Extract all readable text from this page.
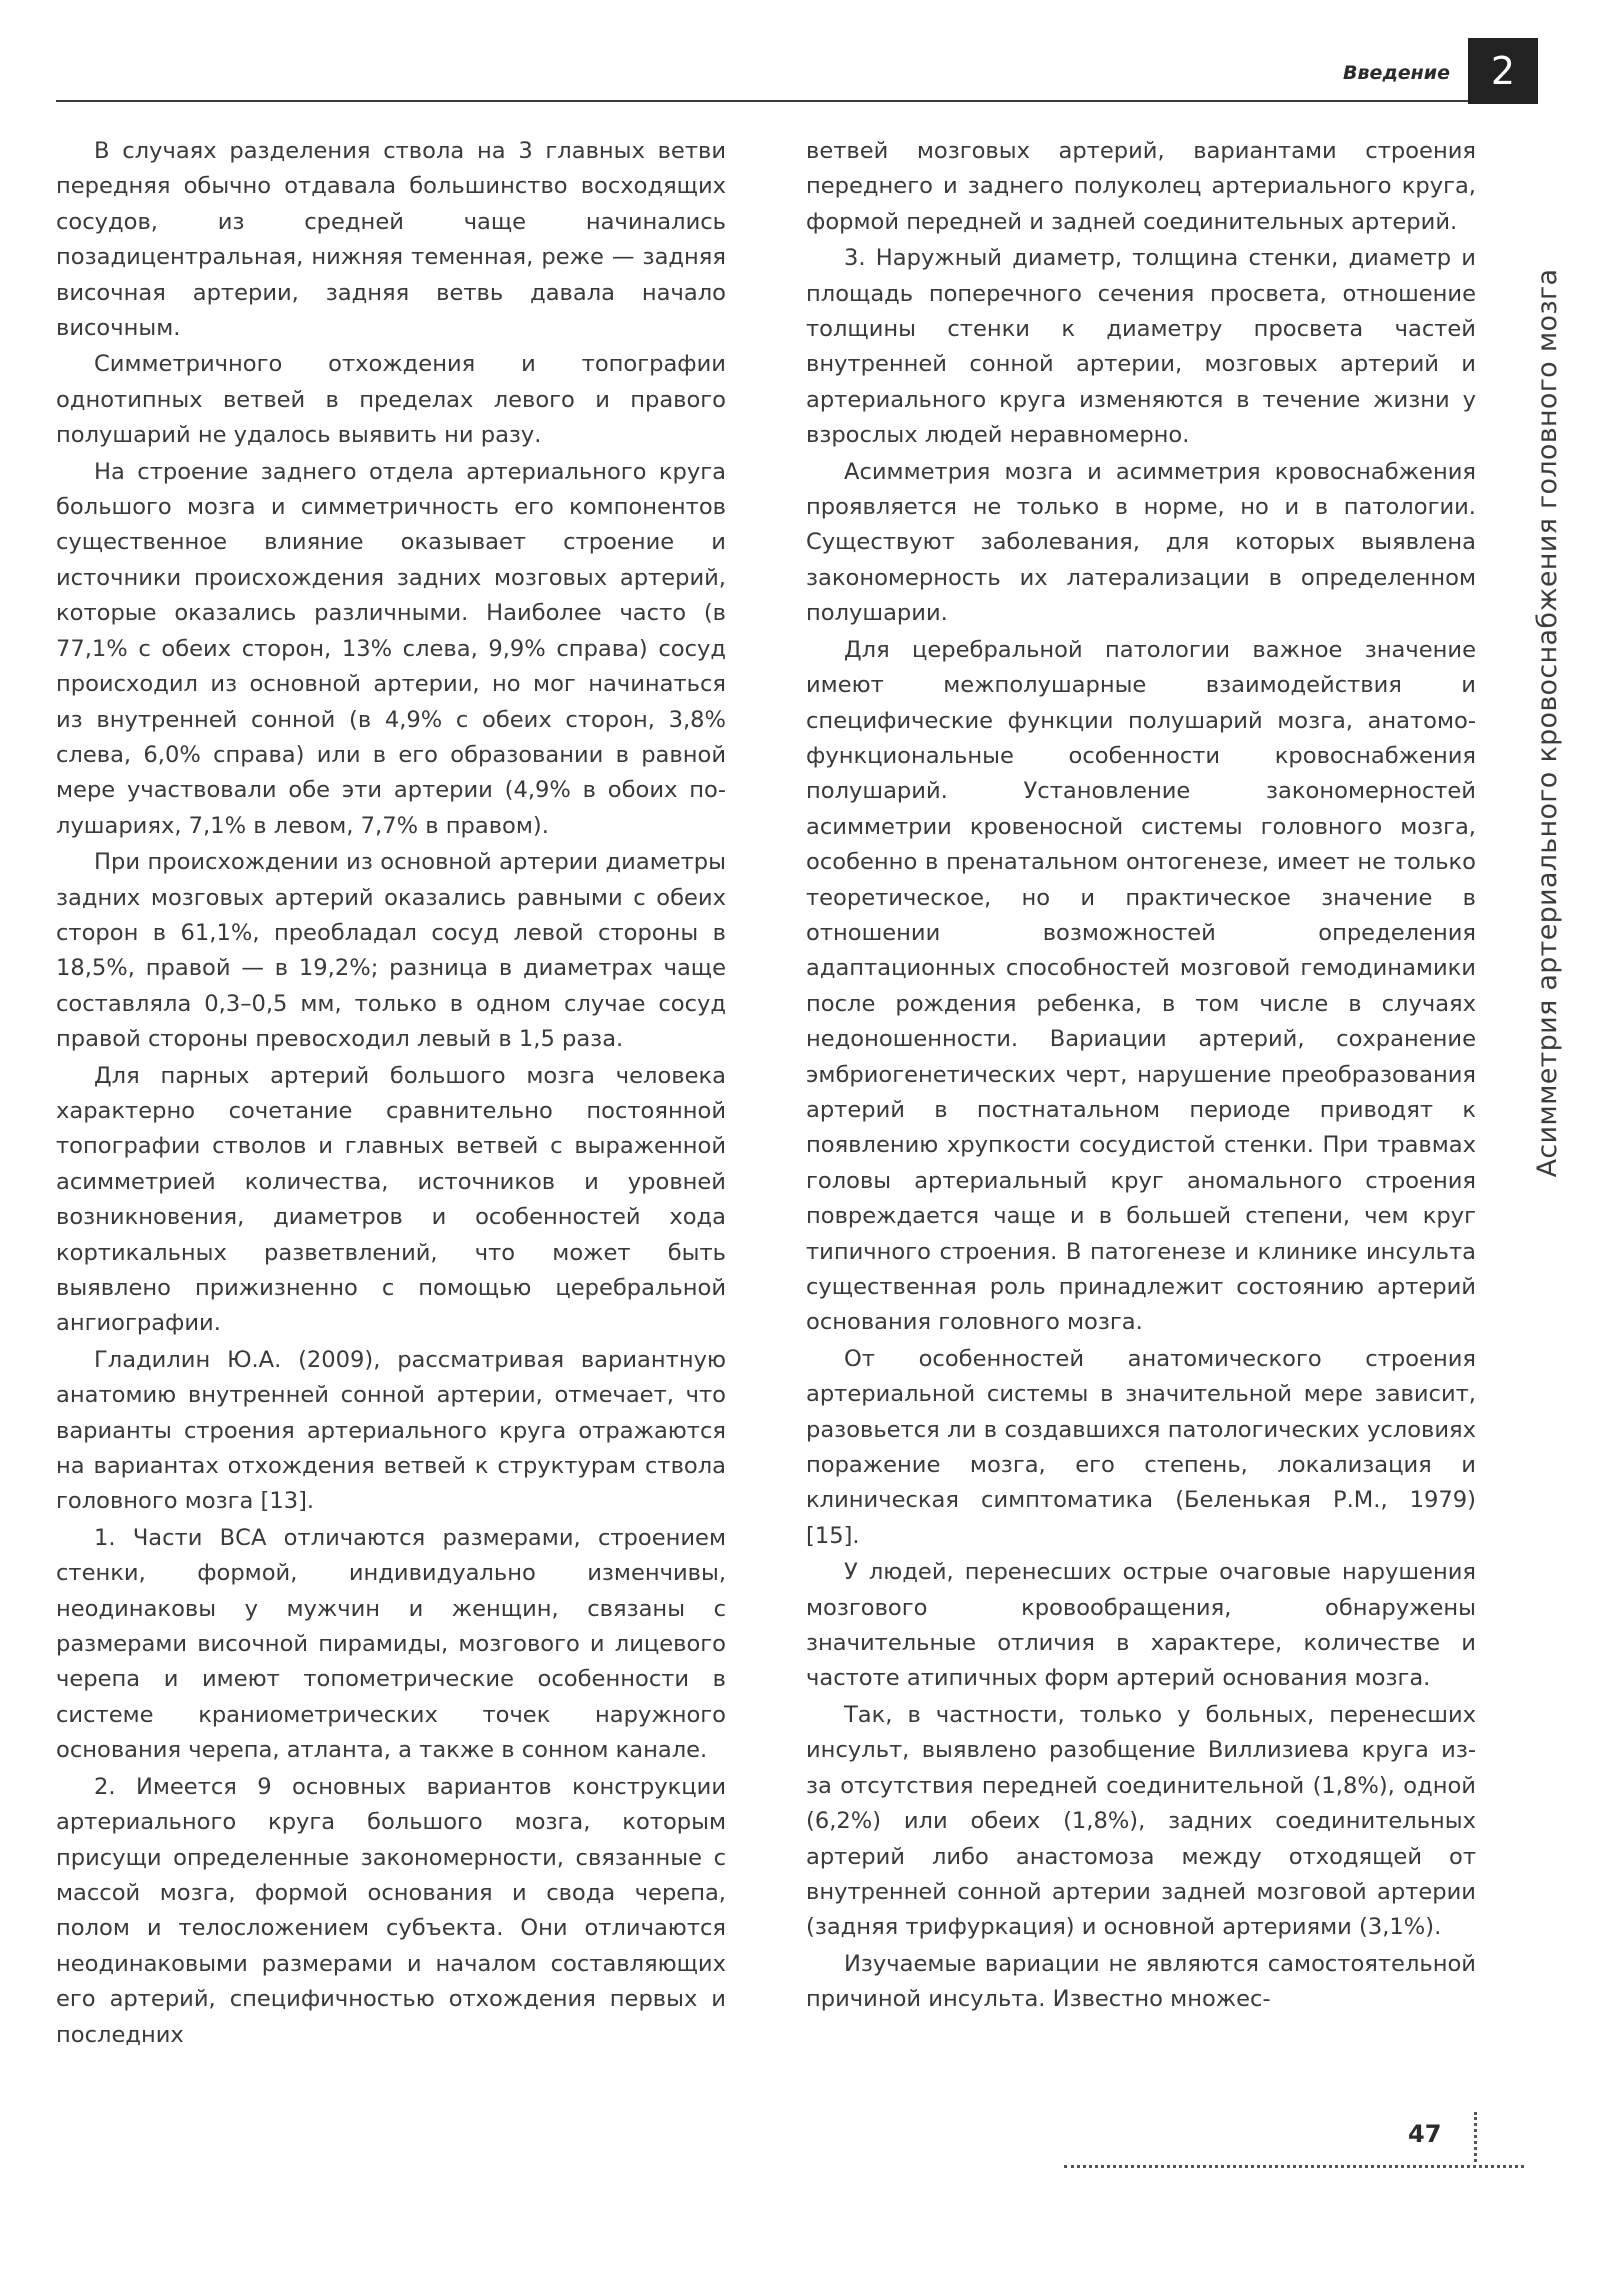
2
Введение
Асимметрия артериального кровоснабжения головного мозга

В случаях разделения ствола на 3 главных ветви передняя обычно отдавала большинство восходящих сосудов, из средней чаще начинались позадицентральная, нижняя теменная, реже — задняя височная артерии, задняя ветвь давала начало височным.

Симметричного отхождения и топографии однотипных ветвей в пределах левого и правого полушарий не удалось выявить ни разу.

На строение заднего отдела артериального круга большого мозга и симметричность его компонентов существенное влияние оказывает строение и источники происхождения задних мозговых артерий, которые оказались различными. Наиболее часто (в 77,1% с обеих сторон, 13% слева, 9,9% справа) сосуд происходил из основной артерии, но мог начинаться из внутренней сонной (в 4,9% с обеих сторон, 3,8% слева, 6,0% справа) или в его образовании в равной мере участвовали обе эти артерии (4,9% в обоих полушариях, 7,1% в левом, 7,7% в правом).

При происхождении из основной артерии диаметры задних мозговых артерий оказались равными с обеих сторон в 61,1%, преобладал сосуд левой стороны в 18,5%, правой — в 19,2%; разница в диаметрах чаще составляла 0,3–0,5 мм, только в одном случае сосуд правой стороны превосходил левый в 1,5 раза.

Для парных артерий большого мозга человека характерно сочетание сравнительно постоянной топографии стволов и главных ветвей с выраженной асимметрией количества, источников и уровней возникновения, диаметров и особенностей хода кортикальных разветвлений, что может быть выявлено прижизненно с помощью церебральной ангиографии.

Гладилин Ю.А. (2009), рассматривая вариантную анатомию внутренней сонной артерии, отмечает, что варианты строения артериального круга отражаются на вариантах отхождения ветвей к структурам ствола головного мозга [13].

1. Части ВСА отличаются размерами, строением стенки, формой, индивидуально изменчивы, неодинаковы у мужчин и женщин, связаны с размерами височной пирамиды, мозгового и лицевого черепа и имеют топометрические особенности в системе краниометрических точек наружного основания черепа, атланта, а также в сонном канале.

2. Имеется 9 основных вариантов конструкции артериального круга большого мозга, которым присущи определенные закономерности, связанные с массой мозга, формой основания и свода черепа, полом и телосложением субъекта. Они отличаются неодинаковыми размерами и началом составляющих его артерий, специфичностью отхождения первых и последних

ветвей мозговых артерий, вариантами строения переднего и заднего полуколец артериального круга, формой передней и задней соединительных артерий.

3. Наружный диаметр, толщина стенки, диаметр и площадь поперечного сечения просвета, отношение толщины стенки к диаметру просвета частей внутренней сонной артерии, мозговых артерий и артериального круга изменяются в течение жизни у взрослых людей неравномерно.

Асимметрия мозга и асимметрия кровоснабжения проявляется не только в норме, но и в патологии. Существуют заболевания, для которых выявлена закономерность их латерализации в определенном полушарии.

Для церебральной патологии важное значение имеют межполушарные взаимодействия и специфические функции полушарий мозга, анатомо-функциональные особенности кровоснабжения полушарий. Установление закономерностей асимметрии кровеносной системы головного мозга, особенно в пренатальном онтогенезе, имеет не только теоретическое, но и практическое значение в отношении возможностей определения адаптационных способностей мозговой гемодинамики после рождения ребенка, в том числе в случаях недоношенности. Вариации артерий, сохранение эмбриогенетических черт, нарушение преобразования артерий в постнатальном периоде приводят к появлению хрупкости сосудистой стенки. При травмах головы артериальный круг аномального строения повреждается чаще и в большей степени, чем круг типичного строения. В патогенезе и клинике инсульта существенная роль принадлежит состоянию артерий основания головного мозга.

От особенностей анатомического строения артериальной системы в значительной мере зависит, разовьется ли в создавшихся патологических условиях поражение мозга, его степень, локализация и клиническая симптоматика (Беленькая Р.М., 1979) [15].

У людей, перенесших острые очаговые нарушения мозгового кровообращения, обнаружены значительные отличия в характере, количестве и частоте атипичных форм артерий основания мозга.

Так, в частности, только у больных, перенесших инсульт, выявлено разобщение Виллизиева круга из-за отсутствия передней соединительной (1,8%), одной (6,2%) или обеих (1,8%), задних соединительных артерий либо анастомоза между отходящей от внутренней сонной артерии задней мозговой артерии (задняя трифуркация) и основной артериями (3,1%).

Изучаемые вариации не являются самостоятельной причиной инсульта. Известно множес-

47
